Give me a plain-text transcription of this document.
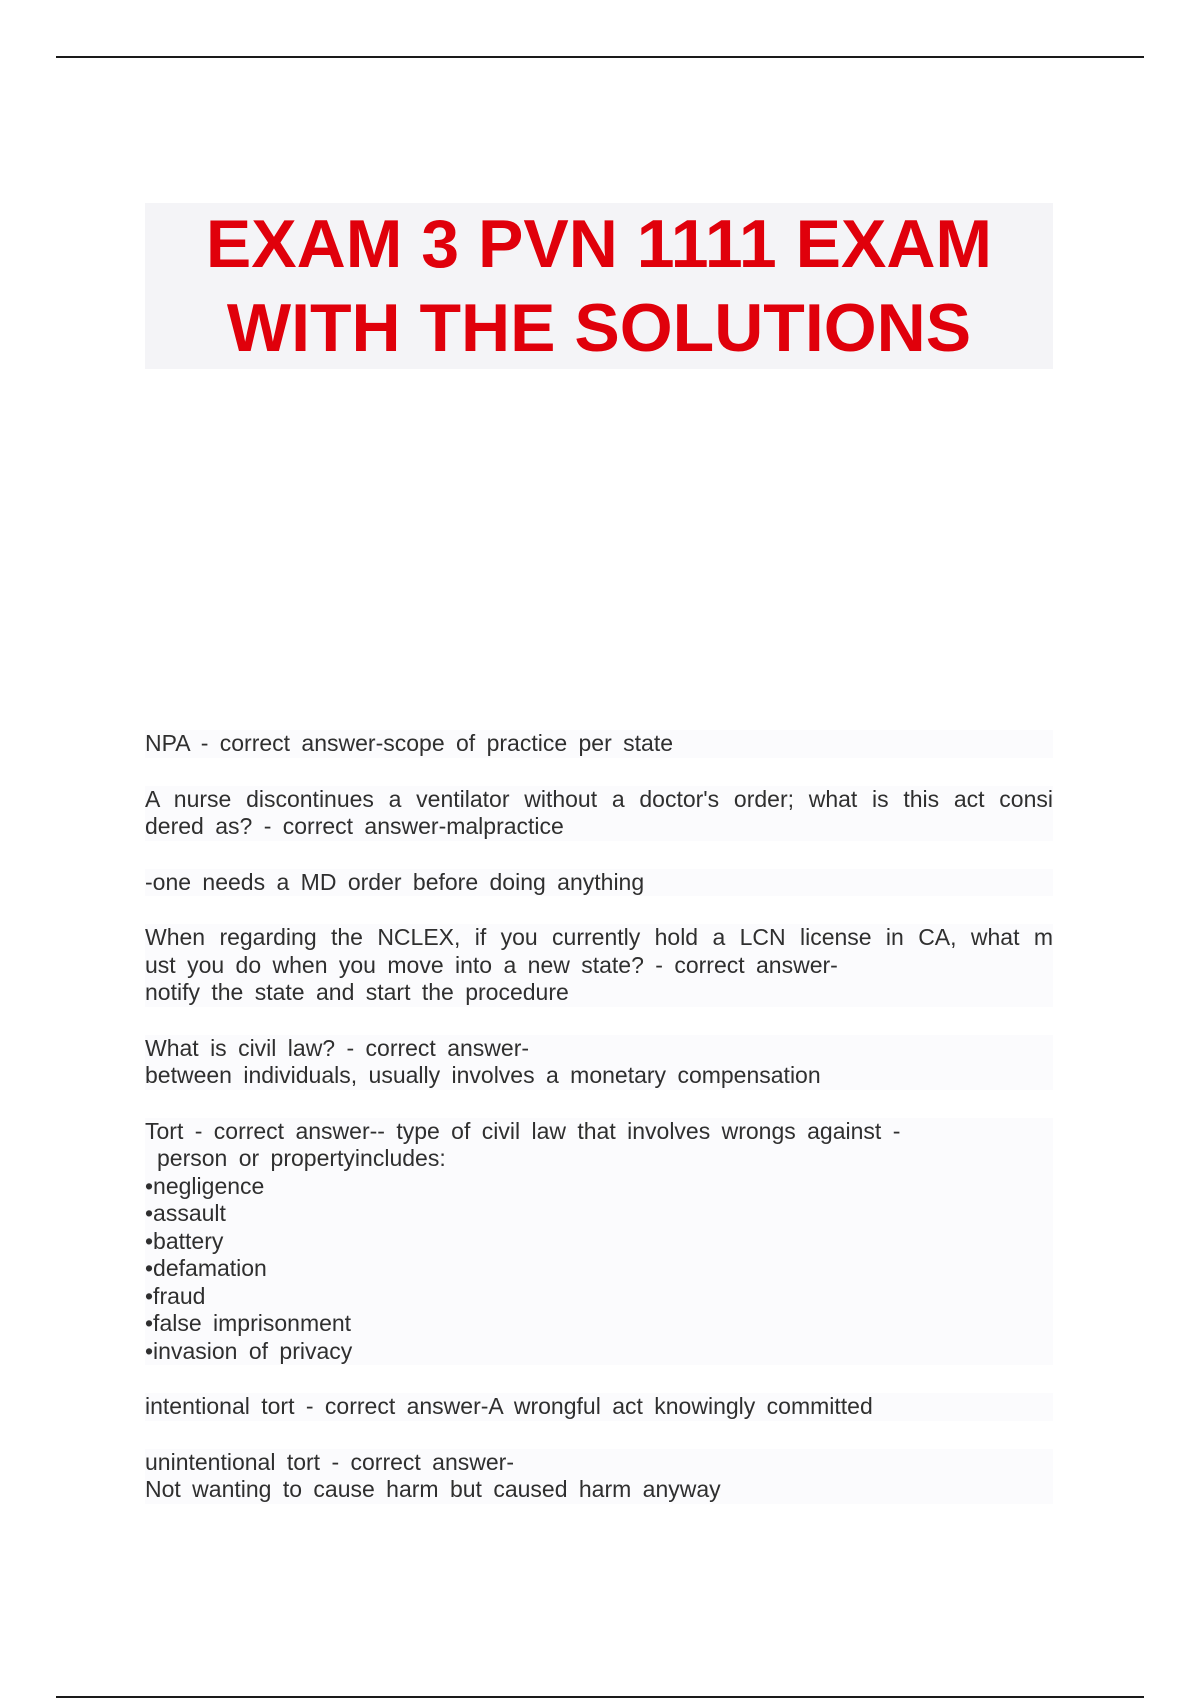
EXAM 3 PVN 1111 EXAM
WITH THE SOLUTIONS
NPA - correct answer-scope of practice per state
A nurse discontinues a ventilator without a doctor's order; what is this act consi
dered as? - correct answer-malpractice
-one needs a MD order before doing anything
When regarding the NCLEX, if you currently hold a LCN license in CA, what m
ust you do when you move into a new state? - correct answer-
notify the state and start the procedure
What is civil law? - correct answer-
between individuals, usually involves a monetary compensation
Tort - correct answer-- type of civil law that involves wrongs against -
person or propertyincludes:
•negligence
•assault
•battery
•defamation
•fraud
•false imprisonment
•invasion of privacy
intentional tort - correct answer-A wrongful act knowingly committed
unintentional tort - correct answer-
Not wanting to cause harm but caused harm anyway
